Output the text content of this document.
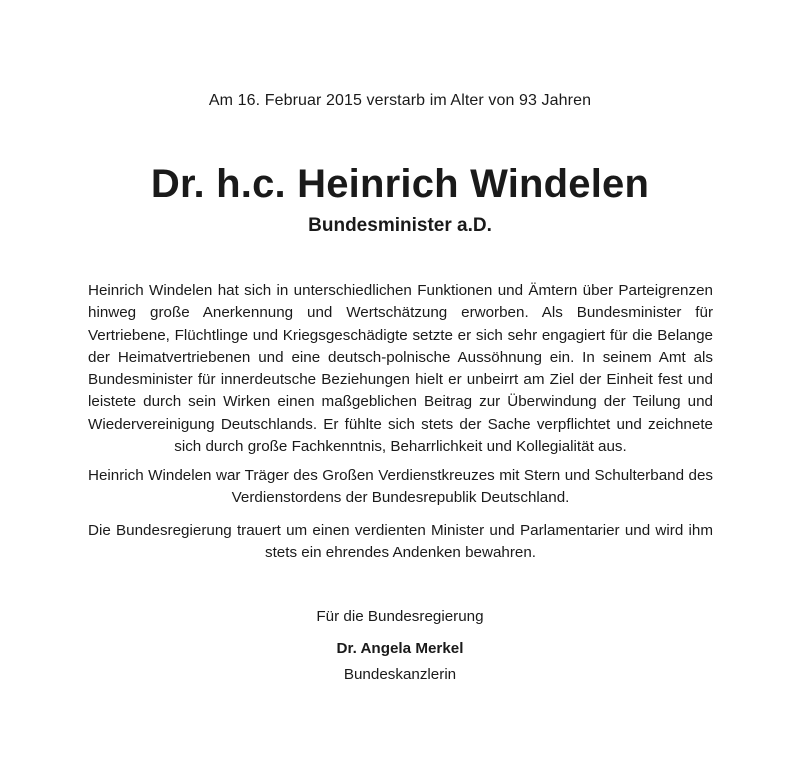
Am 16. Februar 2015 verstarb im Alter von 93 Jahren
Dr. h.c. Heinrich Windelen
Bundesminister a.D.
Heinrich Windelen hat sich in unterschiedlichen Funktionen und Ämtern über Parteigrenzen hinweg große Anerkennung und Wertschätzung erworben. Als Bundesminister für Vertriebene, Flüchtlinge und Kriegsgeschädigte setzte er sich sehr engagiert für die Belange der Heimatvertriebenen und eine deutsch-polnische Aussöhnung ein. In seinem Amt als Bundesminister für innerdeutsche Beziehungen hielt er unbeirrt am Ziel der Einheit fest und leistete durch sein Wirken einen maßgeblichen Beitrag zur Überwindung der Teilung und Wiedervereinigung Deutschlands. Er fühlte sich stets der Sache verpflichtet und zeichnete sich durch große Fachkenntnis, Beharrlichkeit und Kollegialität aus.
Heinrich Windelen war Träger des Großen Verdienstkreuzes mit Stern und Schulterband des Verdienstordens der Bundesrepublik Deutschland.
Die Bundesregierung trauert um einen verdienten Minister und Parlamentarier und wird ihm stets ein ehrendes Andenken bewahren.
Für die Bundesregierung
Dr. Angela Merkel
Bundeskanzlerin
